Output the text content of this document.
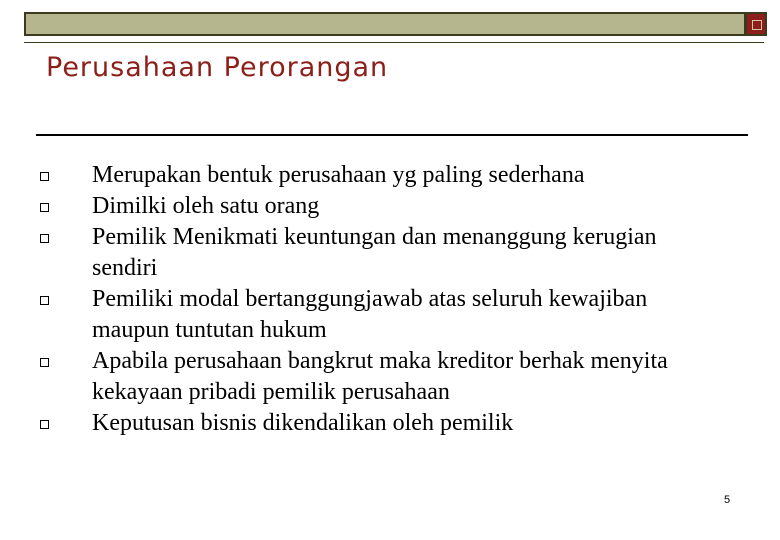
Perusahaan Perorangan
Merupakan bentuk perusahaan yg paling sederhana
Dimilki oleh satu orang
Pemilik Menikmati keuntungan dan menanggung kerugian sendiri
Pemiliki modal bertanggungjawab atas seluruh kewajiban maupun tuntutan hukum
Apabila perusahaan bangkrut maka kreditor berhak menyita kekayaan pribadi pemilik perusahaan
Keputusan bisnis dikendalikan oleh pemilik
5
